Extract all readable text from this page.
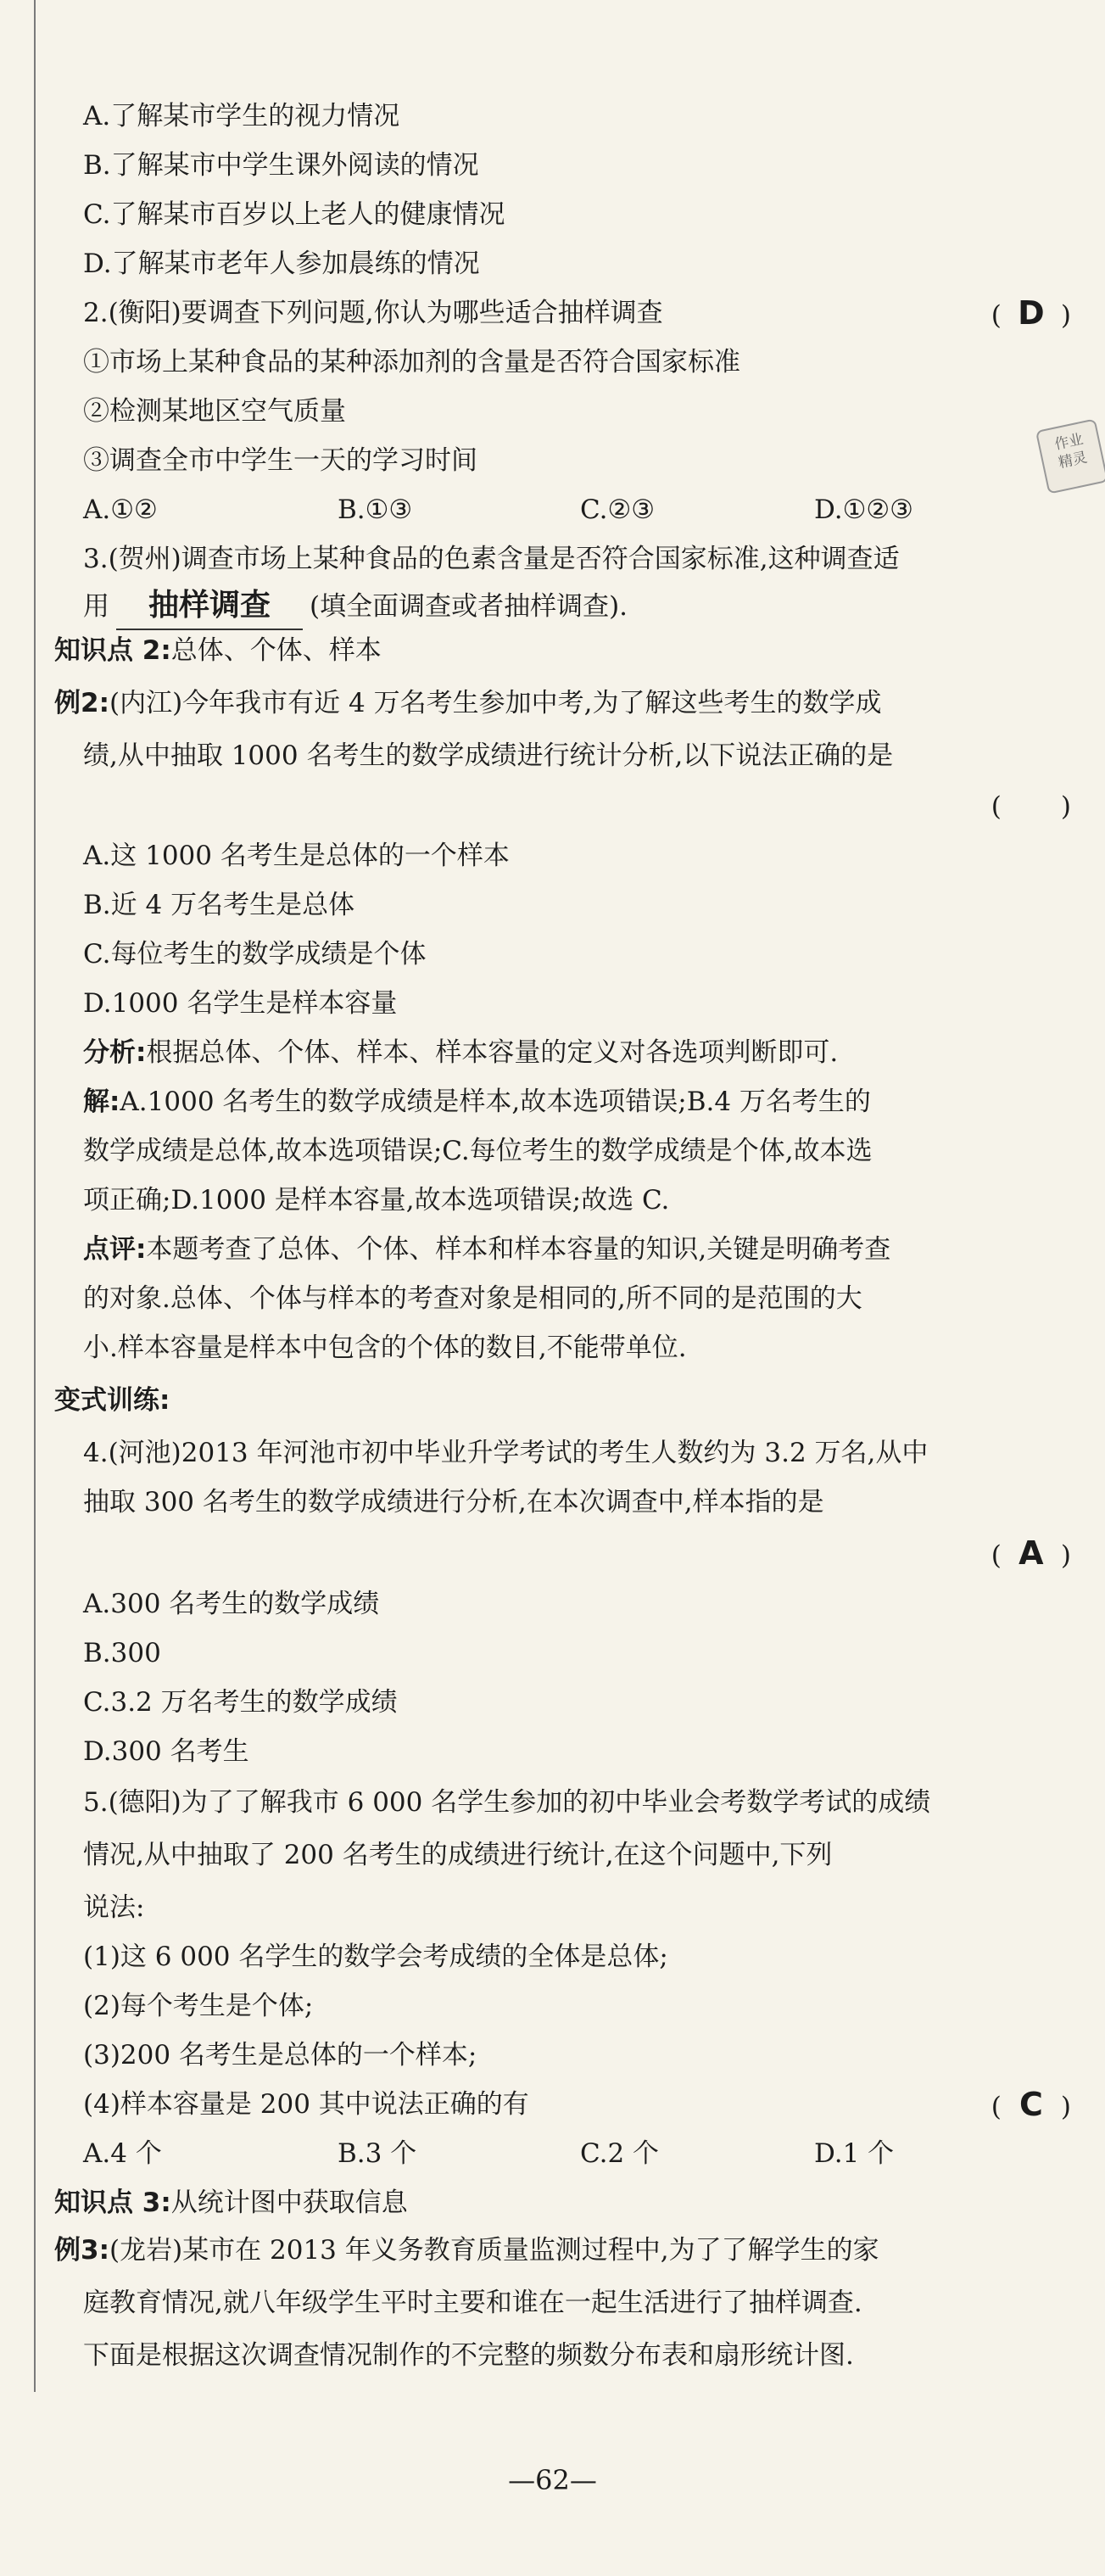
作业
精灵
A.了解某市学生的视力情况
B.了解某市中学生课外阅读的情况
C.了解某市百岁以上老人的健康情况
D.了解某市老年人参加晨练的情况
2.(衡阳)要调查下列问题,你认为哪些适合抽样调查	( D )
①市场上某种食品的某种添加剂的含量是否符合国家标准
②检测某地区空气质量
③调查全市中学生一天的学习时间
A.①②	B.①③	C.②③	D.①②③
3.(贺州)调查市场上某种食品的色素含量是否符合国家标准,这种调查适
用 抽样调查 (填全面调查或者抽样调查).
知识点 2:总体、个体、样本
例2:(内江)今年我市有近 4 万名考生参加中考,为了解这些考生的数学成
绩,从中抽取 1000 名考生的数学成绩进行统计分析,以下说法正确的是
( )
A.这 1000 名考生是总体的一个样本
B.近 4 万名考生是总体
C.每位考生的数学成绩是个体
D.1000 名学生是样本容量
分析:根据总体、个体、样本、样本容量的定义对各选项判断即可.
解:A.1000 名考生的数学成绩是样本,故本选项错误;B.4 万名考生的
数学成绩是总体,故本选项错误;C.每位考生的数学成绩是个体,故本选
项正确;D.1000 是样本容量,故本选项错误;故选 C.
点评:本题考查了总体、个体、样本和样本容量的知识,关键是明确考查
的对象.总体、个体与样本的考查对象是相同的,所不同的是范围的大
小.样本容量是样本中包含的个体的数目,不能带单位.
变式训练:
4.(河池)2013 年河池市初中毕业升学考试的考生人数约为 3.2 万名,从中
抽取 300 名考生的数学成绩进行分析,在本次调查中,样本指的是
( A )
A.300 名考生的数学成绩
B.300
C.3.2 万名考生的数学成绩
D.300 名考生
5.(德阳)为了了解我市 6 000 名学生参加的初中毕业会考数学考试的成绩
情况,从中抽取了 200 名考生的成绩进行统计,在这个问题中,下列
说法:
(1)这 6 000 名学生的数学会考成绩的全体是总体;
(2)每个考生是个体;
(3)200 名考生是总体的一个样本;
(4)样本容量是 200 其中说法正确的有	( C )
A.4 个	B.3 个	C.2 个	D.1 个
知识点 3:从统计图中获取信息
例3:(龙岩)某市在 2013 年义务教育质量监测过程中,为了了解学生的家
庭教育情况,就八年级学生平时主要和谁在一起生活进行了抽样调查.
下面是根据这次调查情况制作的不完整的频数分布表和扇形统计图.
—62—
